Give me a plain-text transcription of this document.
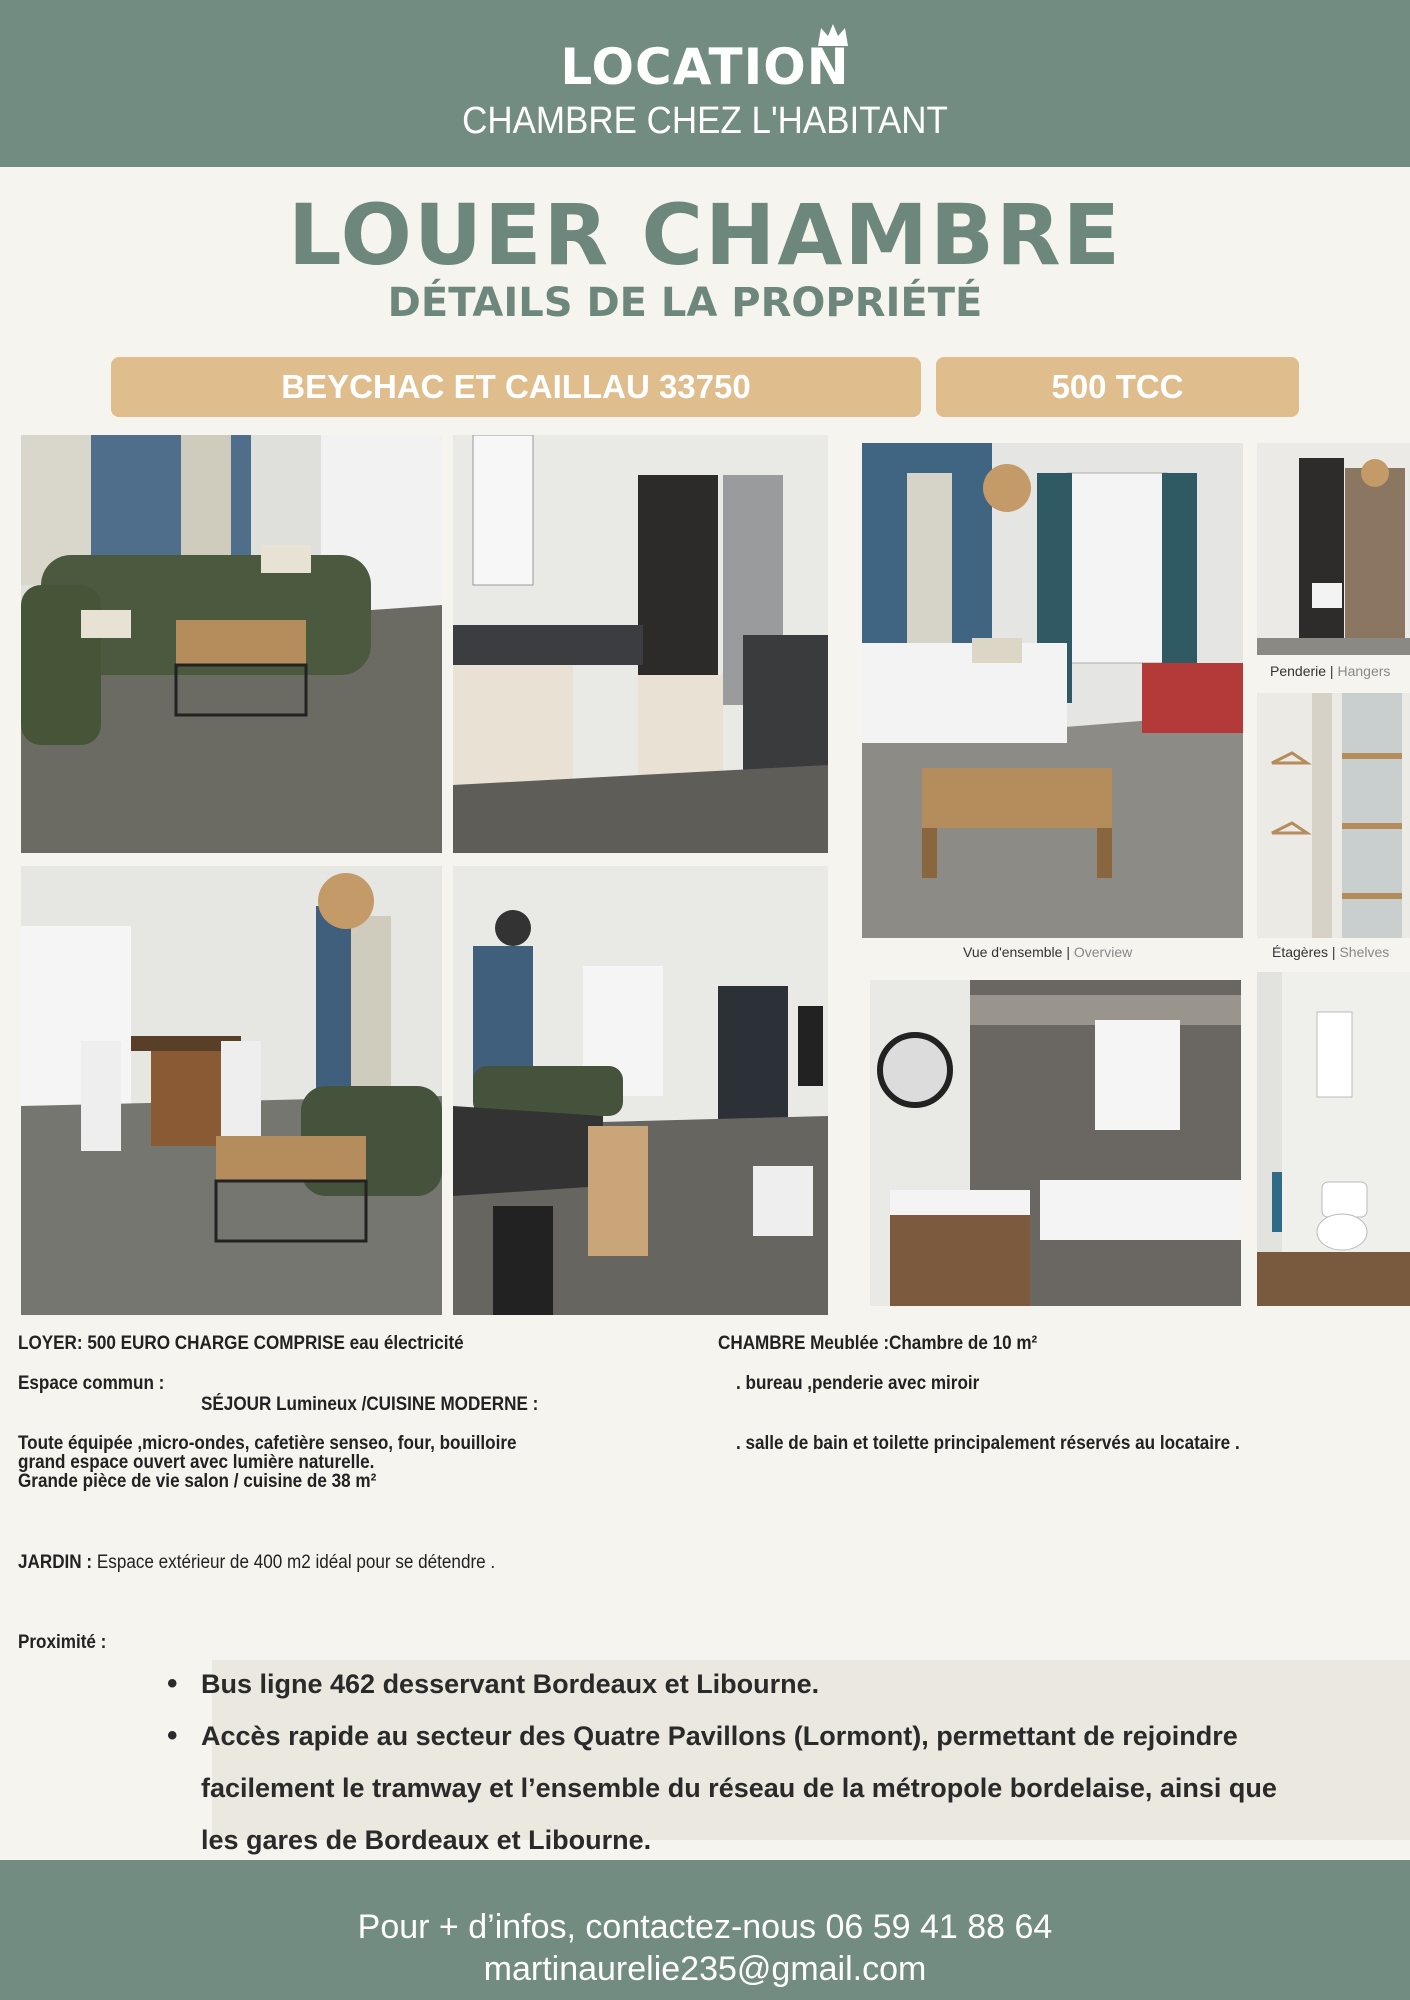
LOCATION
CHAMBRE CHEZ L'HABITANT
LOUER CHAMBRE
DÉTAILS DE LA PROPRIÉTÉ
BEYCHAC ET CAILLAU 33750	500 TCC
Penderie | Hangers
Vue d'ensemble | Overview	Étagères | Shelves
LOYER: 500 EURO CHARGE COMPRISE eau électricité
Espace commun :
SÉJOUR Lumineux /CUISINE MODERNE :
Toute équipée ,micro-ondes, cafetière senseo, four, bouilloire
grand espace ouvert avec lumière naturelle.
Grande pièce de vie salon / cuisine de 38 m²
JARDIN : Espace extérieur de 400 m2 idéal pour se détendre .
Proximité :
CHAMBRE Meublée :Chambre de 10 m²
. bureau ,penderie avec miroir
. salle de bain et toilette principalement réservés au locataire .
• Bus ligne 462 desservant Bordeaux et Libourne.
• Accès rapide au secteur des Quatre Pavillons (Lormont), permettant de rejoindre facilement le tramway et l’ensemble du réseau de la métropole bordelaise, ainsi que les gares de Bordeaux et Libourne.
Pour + d’infos, contactez-nous 06 59 41 88 64
martinaurelie235@gmail.com
